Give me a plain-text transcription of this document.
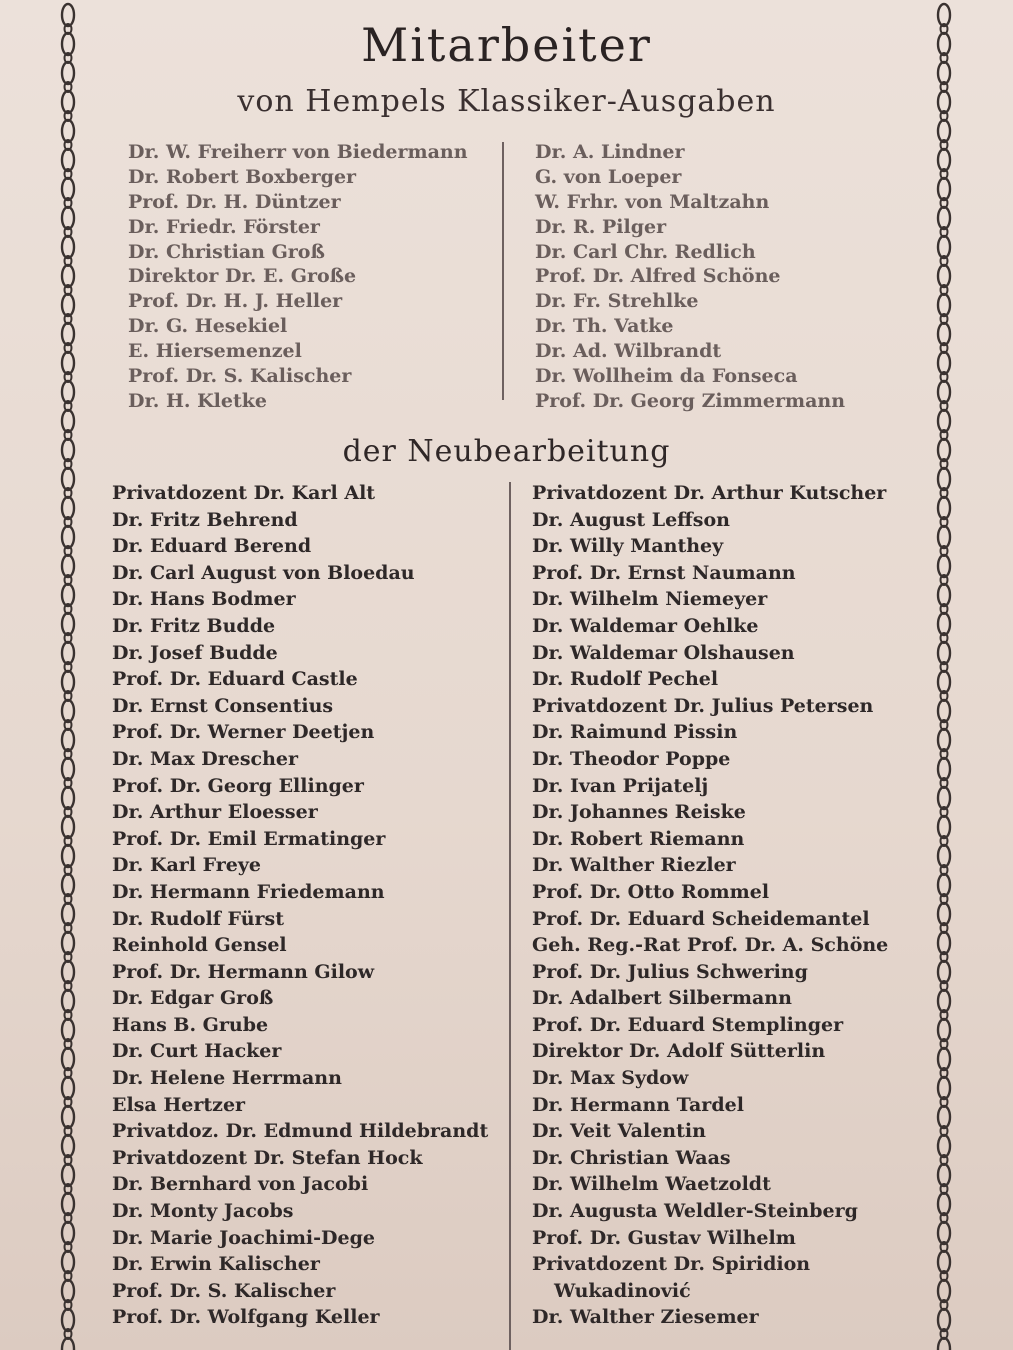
Mitarbeiter
von Hempels Klassiker-Ausgaben
Dr. W. Freiherr von Biedermann
Dr. Robert Boxberger
Prof. Dr. H. Düntzer
Dr. Friedr. Förster
Dr. Christian Groß
Direktor Dr. E. Große
Prof. Dr. H. J. Heller
Dr. G. Hesekiel
E. Hiersemenzel
Prof. Dr. S. Kalischer
Dr. H. Kletke
Dr. A. Lindner
G. von Loeper
W. Frhr. von Maltzahn
Dr. R. Pilger
Dr. Carl Chr. Redlich
Prof. Dr. Alfred Schöne
Dr. Fr. Strehlke
Dr. Th. Vatke
Dr. Ad. Wilbrandt
Dr. Wollheim da Fonseca
Prof. Dr. Georg Zimmermann
der Neubearbeitung
Privatdozent Dr. Karl Alt
Dr. Fritz Behrend
Dr. Eduard Berend
Dr. Carl August von Bloedau
Dr. Hans Bodmer
Dr. Fritz Budde
Dr. Josef Budde
Prof. Dr. Eduard Castle
Dr. Ernst Consentius
Prof. Dr. Werner Deetjen
Dr. Max Drescher
Prof. Dr. Georg Ellinger
Dr. Arthur Eloesser
Prof. Dr. Emil Ermatinger
Dr. Karl Freye
Dr. Hermann Friedemann
Dr. Rudolf Fürst
Reinhold Gensel
Prof. Dr. Hermann Gilow
Dr. Edgar Groß
Hans B. Grube
Dr. Curt Hacker
Dr. Helene Herrmann
Elsa Hertzer
Privatdoz. Dr. Edmund Hildebrandt
Privatdozent Dr. Stefan Hock
Dr. Bernhard von Jacobi
Dr. Monty Jacobs
Dr. Marie Joachimi-Dege
Dr. Erwin Kalischer
Prof. Dr. S. Kalischer
Prof. Dr. Wolfgang Keller
Privatdozent Dr. Arthur Kutscher
Dr. August Leffson
Dr. Willy Manthey
Prof. Dr. Ernst Naumann
Dr. Wilhelm Niemeyer
Dr. Waldemar Oehlke
Dr. Waldemar Olshausen
Dr. Rudolf Pechel
Privatdozent Dr. Julius Petersen
Dr. Raimund Pissin
Dr. Theodor Poppe
Dr. Ivan Prijatelj
Dr. Johannes Reiske
Dr. Robert Riemann
Dr. Walther Riezler
Prof. Dr. Otto Rommel
Prof. Dr. Eduard Scheidemantel
Geh. Reg.-Rat Prof. Dr. A. Schöne
Prof. Dr. Julius Schwering
Dr. Adalbert Silbermann
Prof. Dr. Eduard Stemplinger
Direktor Dr. Adolf Sütterlin
Dr. Max Sydow
Dr. Hermann Tardel
Dr. Veit Valentin
Dr. Christian Waas
Dr. Wilhelm Waetzoldt
Dr. Augusta Weldler-Steinberg
Prof. Dr. Gustav Wilhelm
Privatdozent Dr. Spiridion
Wukadinović
Dr. Walther Ziesemer
